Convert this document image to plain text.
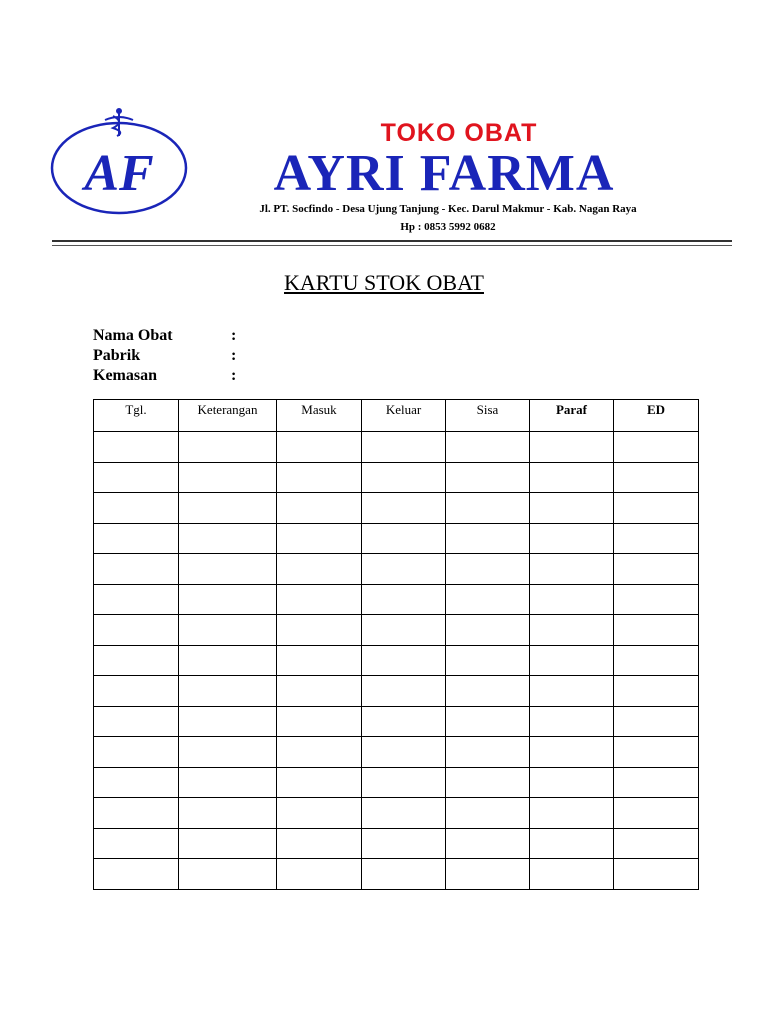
AF
TOKO OBAT
AYRI FARMA
Jl. PT. Socfindo - Desa Ujung Tanjung - Kec. Darul Makmur - Kab. Nagan Raya
Hp : 0853 5992 0682
KARTU STOK OBAT
Nama Obat	:
Pabrik	:
Kemasan	:
Tgl.	Keterangan	Masuk	Keluar	Sisa	Paraf	ED
